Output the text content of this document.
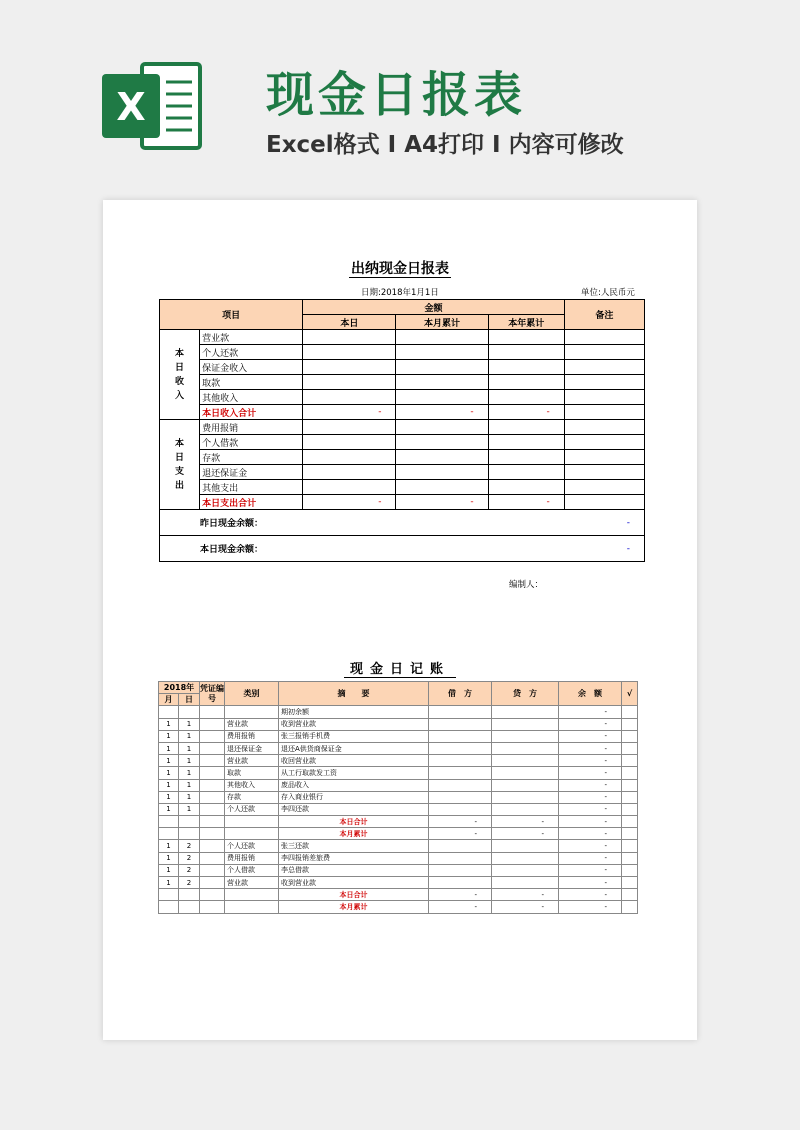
X	现金日报表
Excel格式 Ⅰ A4打印 Ⅰ 内容可修改
出纳现金日报表
日期:2018年1月1日	单位:人民币元
项目		金额			备注
		本日	本月累计	本年累计	
本日收入	营业款				
	个人还款				
	保证金收入				
	取款				
	其他收入				
	本日收入合计	-	-	-	
本日支出	费用报销				
	个人借款				
	存款				
	退还保证金				
	其他支出				
	本日支出合计	-	-	-	
昨日现金余额：					-
本日现金余额：					-
编制人：
现金日记账
2018年		凭证编号	类别	摘　　要	借　方	贷　方	余　额	√
月	日							
				期初余额			-	
1	1		营业款	收到营业款			-	
1	1		费用报销	张三报销手机费			-	
1	1		退还保证金	退还A供货商保证金			-	
1	1		营业款	收回营业款			-	
1	1		取款	从工行取款发工资			-	
1	1		其他收入	废品收入			-	
1	1		存款	存入商业银行			-	
1	1		个人还款	李四还款			-	
				本日合计	-	-	-	
				本月累计	-	-	-	
1	2		个人还款	张三还款			-	
1	2		费用报销	李四报销差旅费			-	
1	2		个人借款	李总借款			-	
1	2		营业款	收到营业款			-	
				本日合计	-	-	-	
				本月累计	-	-	-	
